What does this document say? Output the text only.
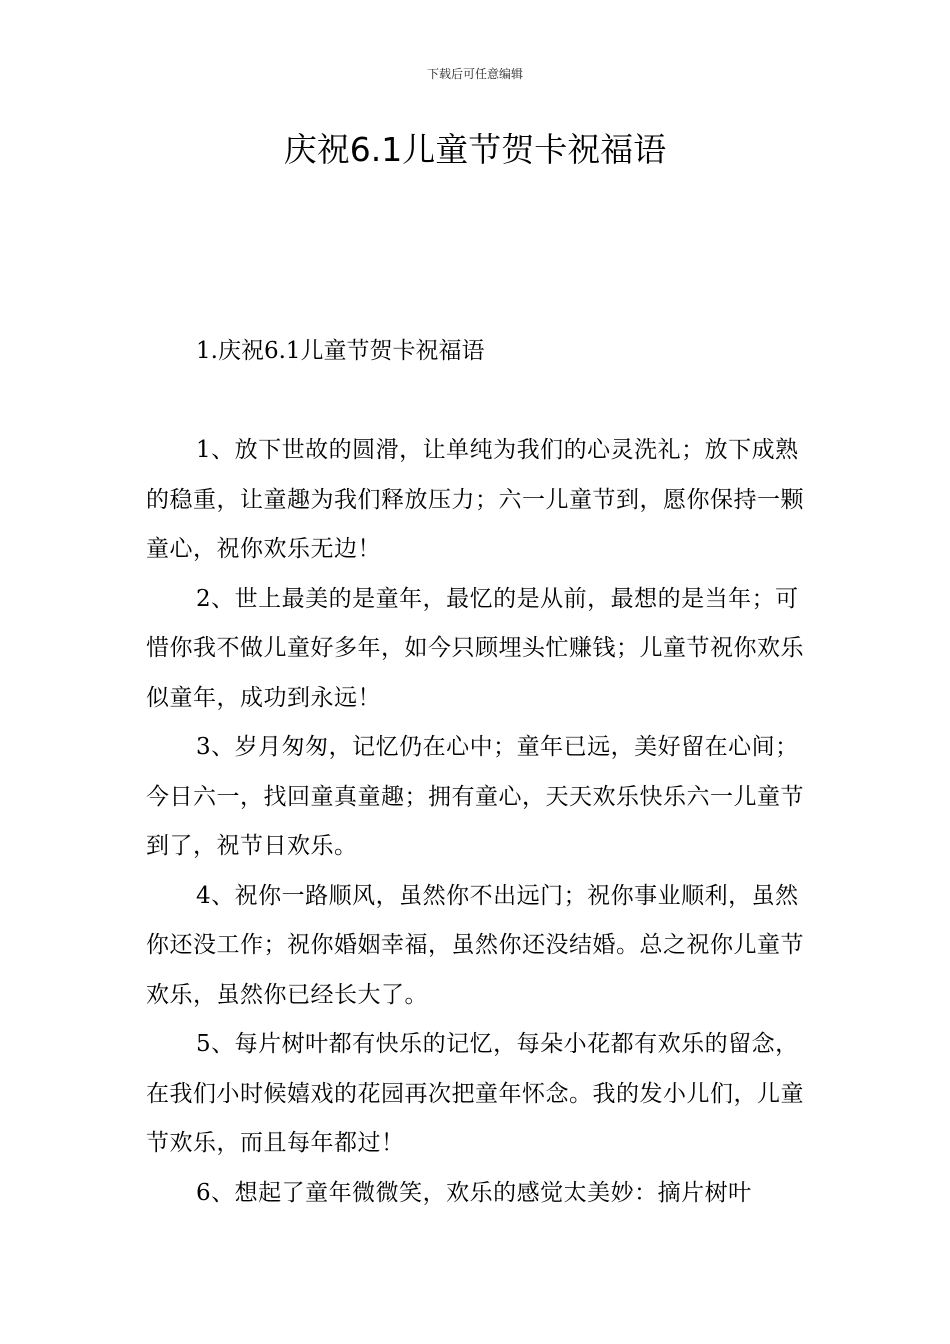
下载后可任意编辑
庆祝6.1儿童节贺卡祝福语
1.庆祝6.1儿童节贺卡祝福语

1、放下世故的圆滑，让单纯为我们的心灵洗礼；放下成熟的稳重，让童趣为我们释放压力；六一儿童节到，愿你保持一颗童心，祝你欢乐无边！

2、世上最美的是童年，最忆的是从前，最想的是当年；可惜你我不做儿童好多年，如今只顾埋头忙赚钱；儿童节祝你欢乐似童年，成功到永远！

3、岁月匆匆，记忆仍在心中；童年已远，美好留在心间；今日六一，找回童真童趣；拥有童心，天天欢乐快乐六一儿童节到了，祝节日欢乐。

4、祝你一路顺风，虽然你不出远门；祝你事业顺利，虽然你还没工作；祝你婚姻幸福，虽然你还没结婚。总之祝你儿童节欢乐，虽然你已经长大了。

5、每片树叶都有快乐的记忆，每朵小花都有欢乐的留念，在我们小时候嬉戏的花园再次把童年怀念。我的发小儿们，儿童节欢乐，而且每年都过！

6、想起了童年微微笑，欢乐的感觉太美妙：摘片树叶
